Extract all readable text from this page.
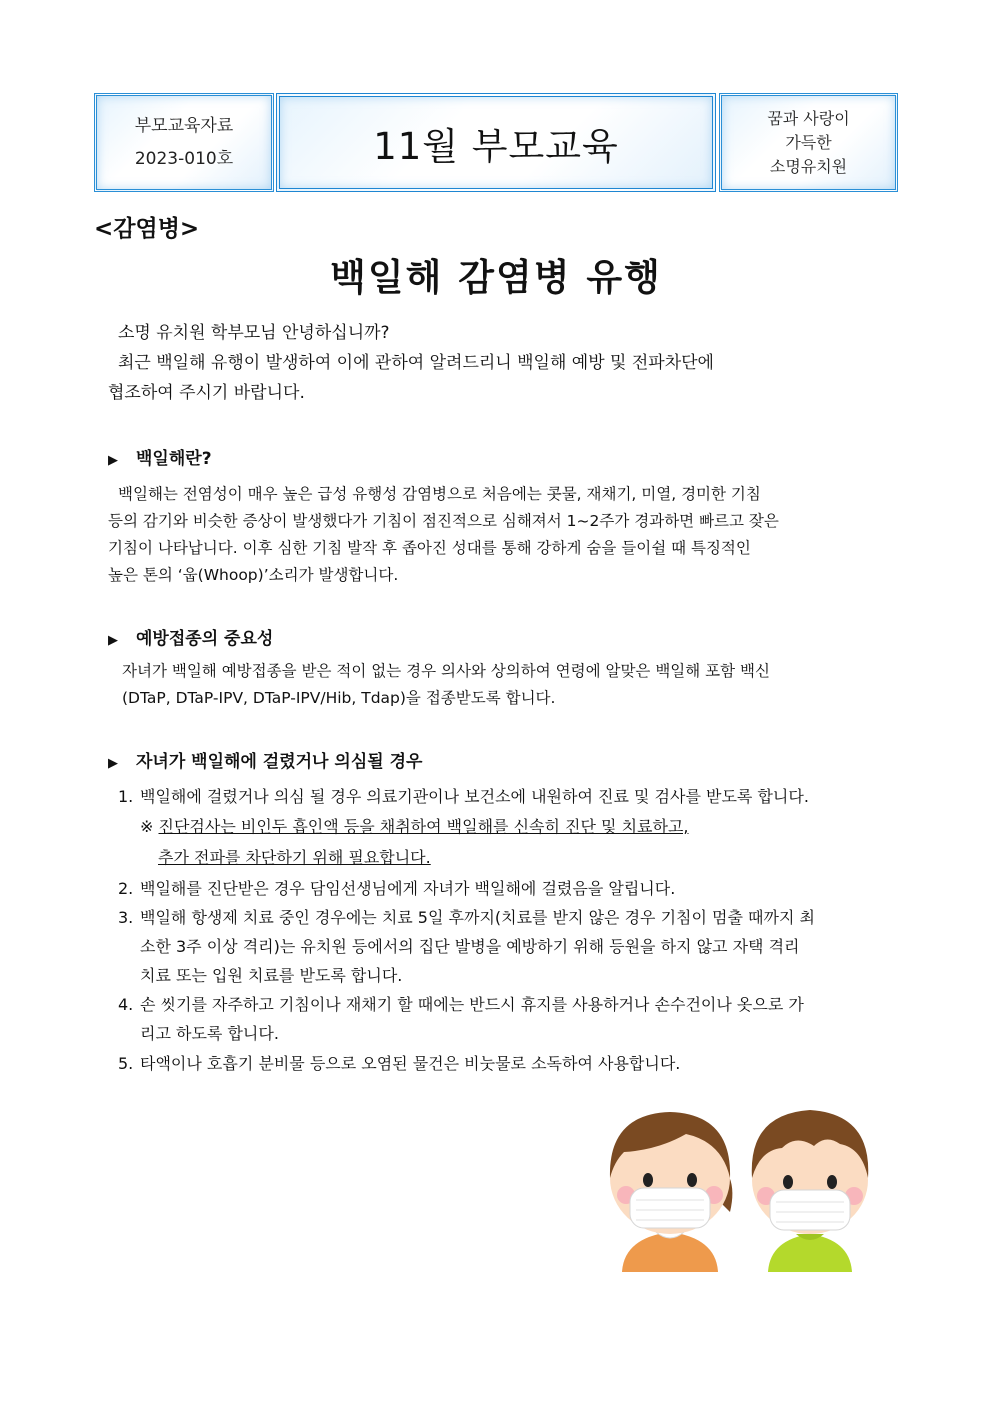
부모교육자료
2023-010호	11월 부모교육
꿈과 사랑이
가득한
소명유치원
<감염병>
백일해 감염병 유행
소명 유치원 학부모님 안녕하십니까?
최근 백일해 유행이 발생하여 이에 관하여 알려드리니 백일해 예방 및 전파차단에
협조하여 주시기 바랍니다.
▶ 백일해란?
백일해는 전염성이 매우 높은 급성 유행성 감염병으로 처음에는 콧물, 재채기, 미열, 경미한 기침
등의 감기와 비슷한 증상이 발생했다가 기침이 점진적으로 심해져서 1~2주가 경과하면 빠르고 잦은
기침이 나타납니다. 이후 심한 기침 발작 후 좁아진 성대를 통해 강하게 숨을 들이쉴 때 특징적인
높은 톤의 ‘웁(Whoop)’소리가 발생합니다.
▶ 예방접종의 중요성
자녀가 백일해 예방접종을 받은 적이 없는 경우 의사와 상의하여 연령에 알맞은 백일해 포함 백신
(DTaP, DTaP-IPV, DTaP-IPV/Hib, Tdap)을 접종받도록 합니다.
▶ 자녀가 백일해에 걸렸거나 의심될 경우
1. 백일해에 걸렸거나 의심 될 경우 의료기관이나 보건소에 내원하여 진료 및 검사를 받도록 합니다.
※ 진단검사는 비인두 흡인액 등을 채취하여 백일해를 신속히 진단 및 치료하고,
추가 전파를 차단하기 위해 필요합니다.
2. 백일해를 진단받은 경우 담임선생님에게 자녀가 백일해에 걸렸음을 알립니다.
3. 백일해 항생제 치료 중인 경우에는 치료 5일 후까지(치료를 받지 않은 경우 기침이 멈출 때까지 최
소한 3주 이상 격리)는 유치원 등에서의 집단 발병을 예방하기 위해 등원을 하지 않고 자택 격리
치료 또는 입원 치료를 받도록 합니다.
4. 손 씻기를 자주하고 기침이나 재채기 할 때에는 반드시 휴지를 사용하거나 손수건이나 옷으로 가
리고 하도록 합니다.
5. 타액이나 호흡기 분비물 등으로 오염된 물건은 비눗물로 소독하여 사용합니다.
